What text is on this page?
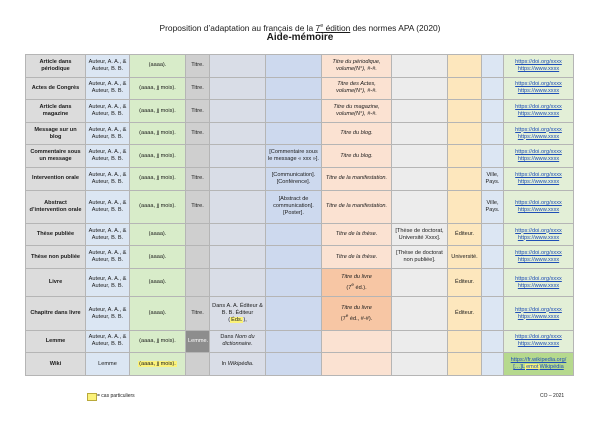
Proposition d’adaptation au français de la 7e édition des normes APA (2020)
Aide-mémoire
Article dans périodique	Auteur, A. A., & Auteur, B. B.	(aaaa).	Titre.			Titre du périodique, volume(N°), #-#.				https://doi.org/xxxx
https://www.xxxx
Actes de Congrès	Auteur, A. A., & Auteur, B. B.	(aaaa, jj mois).	Titre.			Titre des Actes, volume(N°), #-#.				https://doi.org/xxxx
https://www.xxxx
Article dans magazine	Auteur, A. A., & Auteur, B. B.	(aaaa, jj mois).	Titre.			Titre du magazine, volume(N°), #-#.				https://doi.org/xxxx
https://www.xxxx
Message sur un blog	Auteur, A. A., & Auteur, B. B.	(aaaa, jj mois).	Titre.			Titre du blog.				https://doi.org/xxxx
https://www.xxxx
Commentaire sous un message	Auteur, A. A., & Auteur, B. B.	(aaaa, jj mois).			[Commentaire sous le message « xxx »].	Titre du blog.				https://doi.org/xxxx
https://www.xxxx
Intervention orale	Auteur, A. A., & Auteur, B. B.	(aaaa, jj mois).	Titre.		[Communication]. [Conférence].	Titre de la manifestation.			Ville, Pays.	https://doi.org/xxxx
https://www.xxxx
Abstract d’intervention orale	Auteur, A. A., & Auteur, B. B.	(aaaa, jj mois).	Titre.		[Abstract de communication]. [Poster].	Titre de la manifestation.			Ville, Pays.	https://doi.org/xxxx
https://www.xxxx
Thèse publiée	Auteur, A. A., & Auteur, B. B.	(aaaa).				Titre de la thèse.	[Thèse de doctorat, Université Xxxx].	Éditeur.		https://doi.org/xxxx
https://www.xxxx
Thèse non publiée	Auteur, A. A., & Auteur, B. B.	(aaaa).				Titre de la thèse.	[Thèse de doctorat non publiée].	Université.		https://doi.org/xxxx
https://www.xxxx
Livre	Auteur, A. A., & Auteur, B. B.	(aaaa).				Titre du livre
(7e éd.).		Éditeur.		https://doi.org/xxxx
https://www.xxxx
Chapitre dans livre	Auteur, A. A., & Auteur, B. B.	(aaaa).	Titre.	Dans A. A. Éditeur & B. B. Éditeur Éds.),		Titre du livre
(7e éd., #-#).		Éditeur.		https://doi.org/xxxx
https://www.xxxx
Lemme	Auteur, A. A., & Auteur, B. B.	(aaaa, jj mois).	Lemme.	Dans Nom du dictionnaire.						https://doi.org/xxxx
https://www.xxxx
Wiki	Lemme	(aaaa, jj mois).		In Wikipédia.						https://fr.wikipedia.org/
[…]LemotWikipédia
= cas particuliers	CO – 2021
